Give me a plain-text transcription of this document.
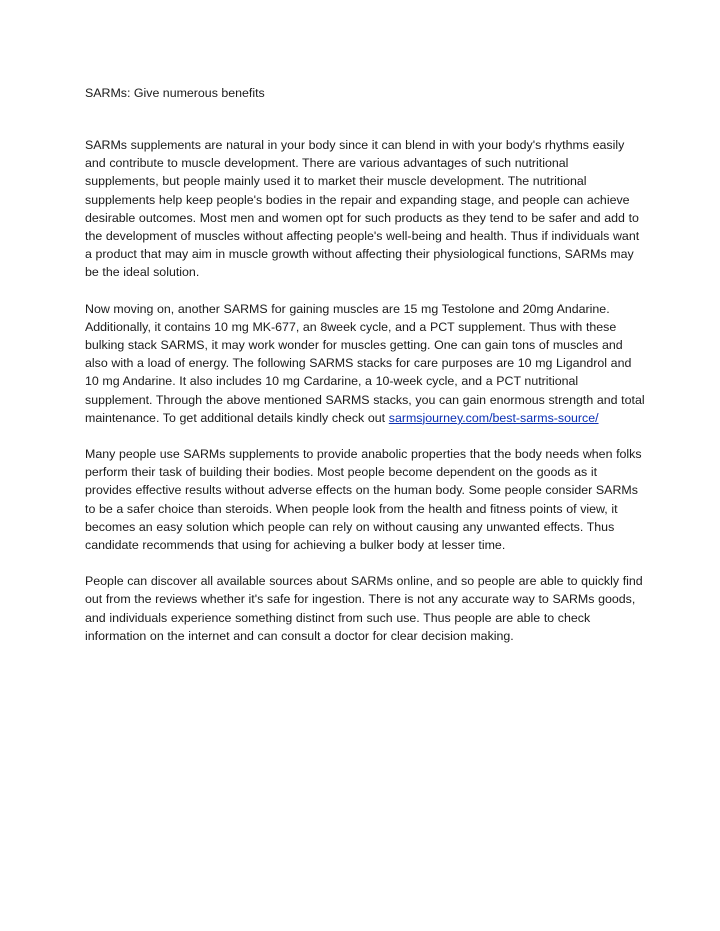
SARMs: Give numerous benefits

SARMs supplements are natural in your body since it can blend in with your body's rhythms easily and contribute to muscle development. There are various advantages of such nutritional supplements, but people mainly used it to market their muscle development. The nutritional supplements help keep people's bodies in the repair and expanding stage, and people can achieve desirable outcomes. Most men and women opt for such products as they tend to be safer and add to the development of muscles without affecting people's well-being and health. Thus if individuals want a product that may aim in muscle growth without affecting their physiological functions, SARMs may be the ideal solution.

Now moving on, another SARMS for gaining muscles are 15 mg Testolone and 20mg Andarine. Additionally, it contains 10 mg MK-677, an 8week cycle, and a PCT supplement. Thus with these bulking stack SARMS, it may work wonder for muscles getting. One can gain tons of muscles and also with a load of energy. The following SARMS stacks for care purposes are 10 mg Ligandrol and 10 mg Andarine. It also includes 10 mg Cardarine, a 10-week cycle, and a PCT nutritional supplement. Through the above mentioned SARMS stacks, you can gain enormous strength and total maintenance. To get additional details kindly check out sarmsjourney.com/best-sarms-source/

Many people use SARMs supplements to provide anabolic properties that the body needs when folks perform their task of building their bodies. Most people become dependent on the goods as it provides effective results without adverse effects on the human body. Some people consider SARMs to be a safer choice than steroids. When people look from the health and fitness points of view, it becomes an easy solution which people can rely on without causing any unwanted effects. Thus candidate recommends that using for achieving a bulker body at lesser time.

People can discover all available sources about SARMs online, and so people are able to quickly find out from the reviews whether it's safe for ingestion. There is not any accurate way to SARMs goods, and individuals experience something distinct from such use. Thus people are able to check information on the internet and can consult a doctor for clear decision making.
